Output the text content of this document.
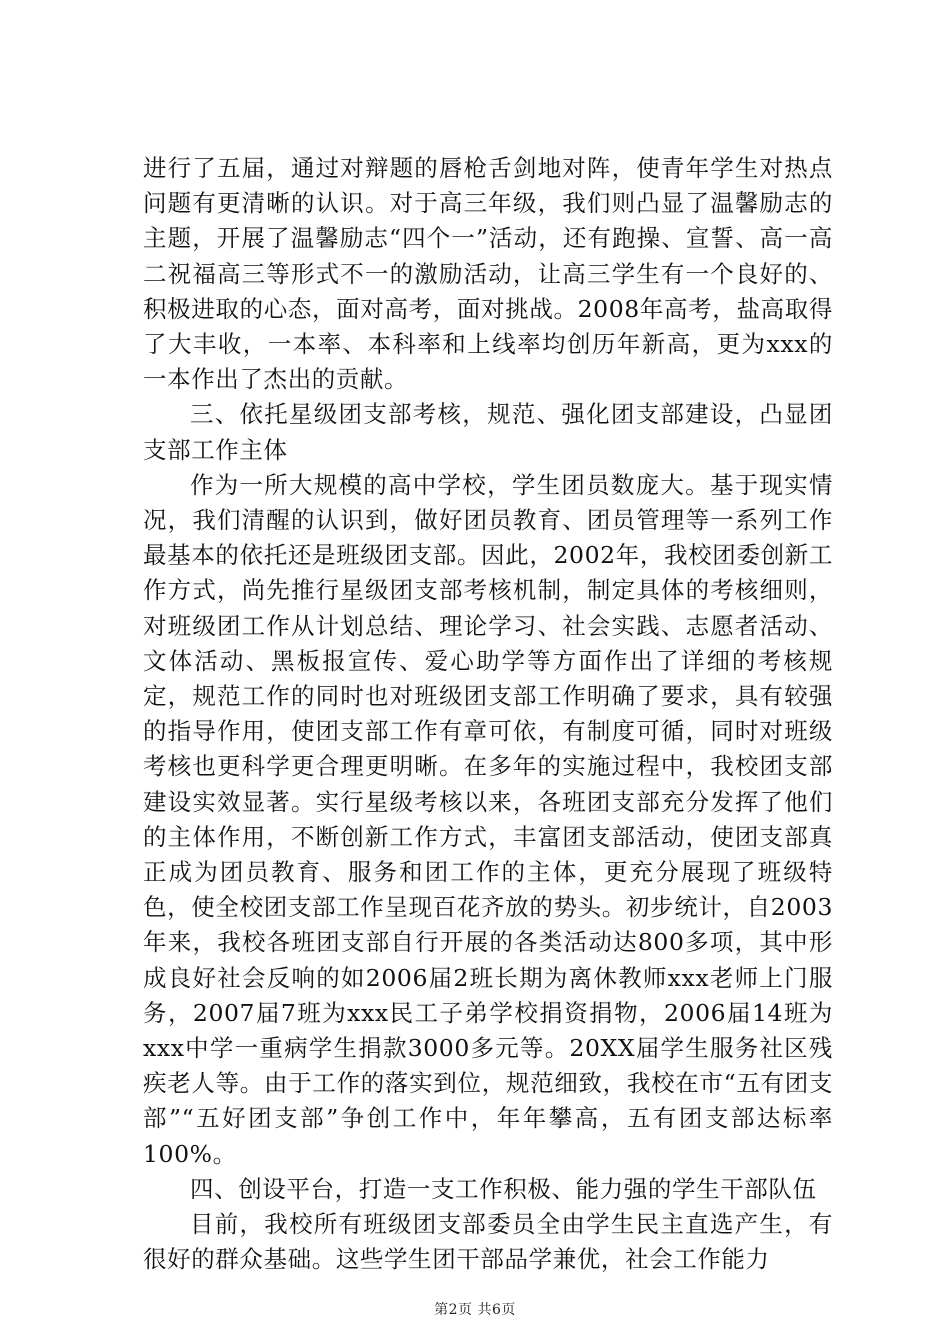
进行了五届，通过对辩题的唇枪舌剑地对阵，使青年学生对热点问题有更清晰的认识。对于高三年级，我们则凸显了温馨励志的主题，开展了温馨励志“四个一”活动，还有跑操、宣誓、高一高二祝福高三等形式不一的激励活动，让高三学生有一个良好的、积极进取的心态，面对高考，面对挑战。2008年高考，盐高取得了大丰收，一本率、本科率和上线率均创历年新高，更为xxx的一本作出了杰出的贡献。

三、依托星级团支部考核，规范、强化团支部建设，凸显团支部工作主体

作为一所大规模的高中学校，学生团员数庞大。基于现实情况，我们清醒的认识到，做好团员教育、团员管理等一系列工作最基本的依托还是班级团支部。因此，2002年，我校团委创新工作方式，尚先推行星级团支部考核机制，制定具体的考核细则，对班级团工作从计划总结、理论学习、社会实践、志愿者活动、文体活动、黑板报宣传、爱心助学等方面作出了详细的考核规定，规范工作的同时也对班级团支部工作明确了要求，具有较强的指导作用，使团支部工作有章可依，有制度可循，同时对班级考核也更科学更合理更明晰。在多年的实施过程中，我校团支部建设实效显著。实行星级考核以来，各班团支部充分发挥了他们的主体作用，不断创新工作方式，丰富团支部活动，使团支部真正成为团员教育、服务和团工作的主体，更充分展现了班级特色，使全校团支部工作呈现百花齐放的势头。初步统计，自2003年来，我校各班团支部自行开展的各类活动达800多项，其中形成良好社会反响的如2006届2班长期为离休教师xxx老师上门服务，2007届7班为xxx民工子弟学校捐资捐物，2006届14班为xxx中学一重病学生捐款3000多元等。20XX届学生服务社区残疾老人等。由于工作的落实到位，规范细致，我校在市“五有团支部”“五好团支部”争创工作中，年年攀高，五有团支部达标率100%。

四、创设平台，打造一支工作积极、能力强的学生干部队伍

目前，我校所有班级团支部委员全由学生民主直选产生，有很好的群众基础。这些学生团干部品学兼优，社会工作能力

第2页 共6页
